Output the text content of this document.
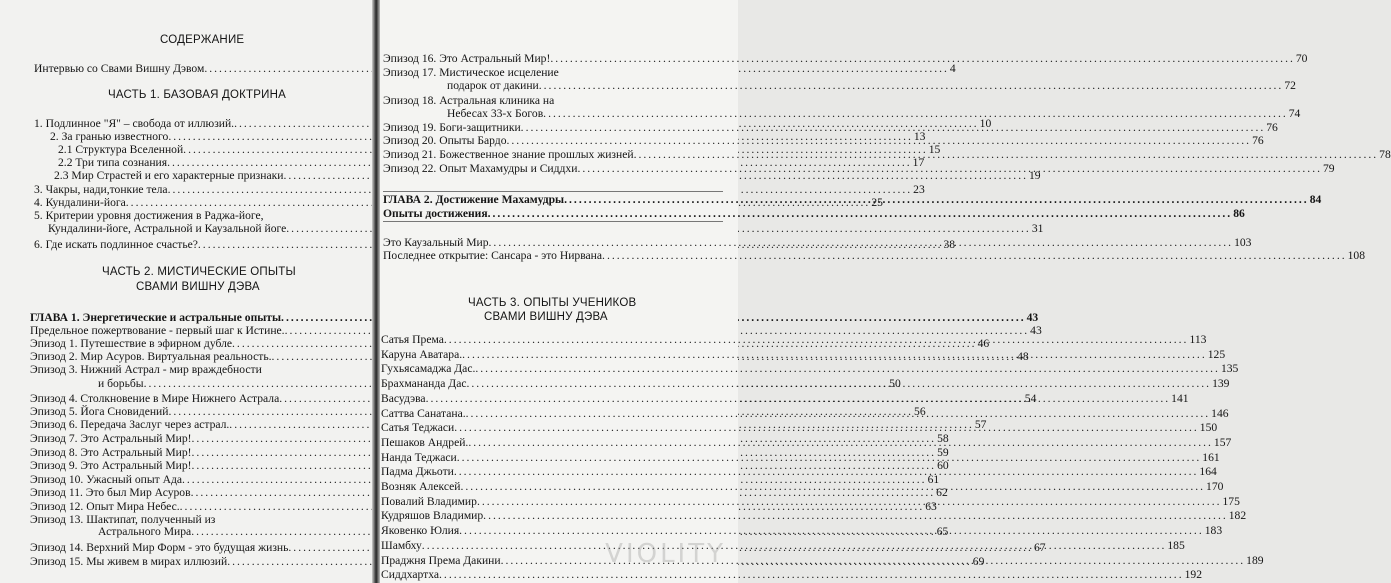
СОДЕРЖАНИЕ
Интервью со Свами Вишну Дэвом .....	4
ЧАСТЬ 1. БАЗОВАЯ ДОКТРИНА
1. Подлинное "Я" – свобода от иллюзий. .....	10
2. За гранью известного .....	13
2.1 Структура Вселенной .....	15
2.2 Три типа сознания .....	17
2.3 Мир Страстей и его характерные признаки .....	19
3. Чакры, нади,тонкие тела .....	23
4. Кундалини-йога .....	25
5. Критерии уровня достижения в Раджа-йоге,
Кундалини-йоге, Астральной и Каузальной йоге .....	31
6. Где искать подлинное счастье? .....	38
ЧАСТЬ 2. МИСТИЧЕСКИЕ ОПЫТЫ
СВАМИ ВИШНУ ДЭВА
ГЛАВА 1. Энергетические и астральные опыты .....	43
Предельное пожертвование - первый шаг к Истине. .....	43
Эпизод 1. Путешествие в эфирном дубле .....	46
Эпизод 2. Мир Асуров. Виртуальная реальность. .....	48
Эпизод 3. Нижний Астрал - мир враждебности
и борьбы .....	50
Эпизод 4. Столкновение в Мире Нижнего Астрала .....	54
Эпизод 5. Йога Сновидений .....	56
Эпизод 6. Передача Заслуг через астрал. .....	57
Эпизод 7. Это Астральный Мир! .....	58
Эпизод 8. Это Астральный Мир! .....	59
Эпизод 9. Это Астральный Мир! .....	60
Эпизод 10. Ужасный опыт Ада .....	61
Эпизод 11. Это был Мир Асуров .....	62
Эпизод 12. Опыт Мира Небес. .....	63
Эпизод 13. Шактипат, полученный из
Астрального Мира .....	65
Эпизод 14. Верхний Мир Форм - это будущая жизнь .....	67
Эпизод 15. Мы живем в мирах иллюзий .....	69
Эпизод 16. Это Астральный Мир! .....	70
Эпизод 17. Мистическое исцеление
подарок от дакини .....	72
Эпизод 18. Астральная клиника на
Небесах 33-х Богов .....	74
Эпизод 19. Боги-защитники .....	76
Эпизод 20. Опыты Бардо .....	76
Эпизод 21. Божественное знание прошлых жизней .....	78
Эпизод 22. Опыт Махамудры и Сиддхи .....	79
ГЛАВА 2. Достижение Махамудры .....	84
Опыты достижения .....	86
Это Каузальный Мир .....	103
Последнее открытие: Сансара - это Нирвана .....	108
ЧАСТЬ 3. ОПЫТЫ УЧЕНИКОВ
СВАМИ ВИШНУ ДЭВА
Сатья Према .....	113
Каруна Аватара. .....	125
Гухьясамаджа Дас. .....	135
Брахмананда Дас .....	139
Васудэва .....	141
Саттва Санатана. .....	146
Сатья Теджаси .....	150
Пешаков Андрей. .....	157
Нанда Теджаси .....	161
Падма Джьоти .....	164
Возняк Алексей .....	170
Повалий Владимир .....	175
Кудряшов Владимир .....	182
Яковенко Юлия .....	183
Шамбху .....	185
Праджня Према Дакини .....	189
Сиддхартха .....	192
VIOLITY
